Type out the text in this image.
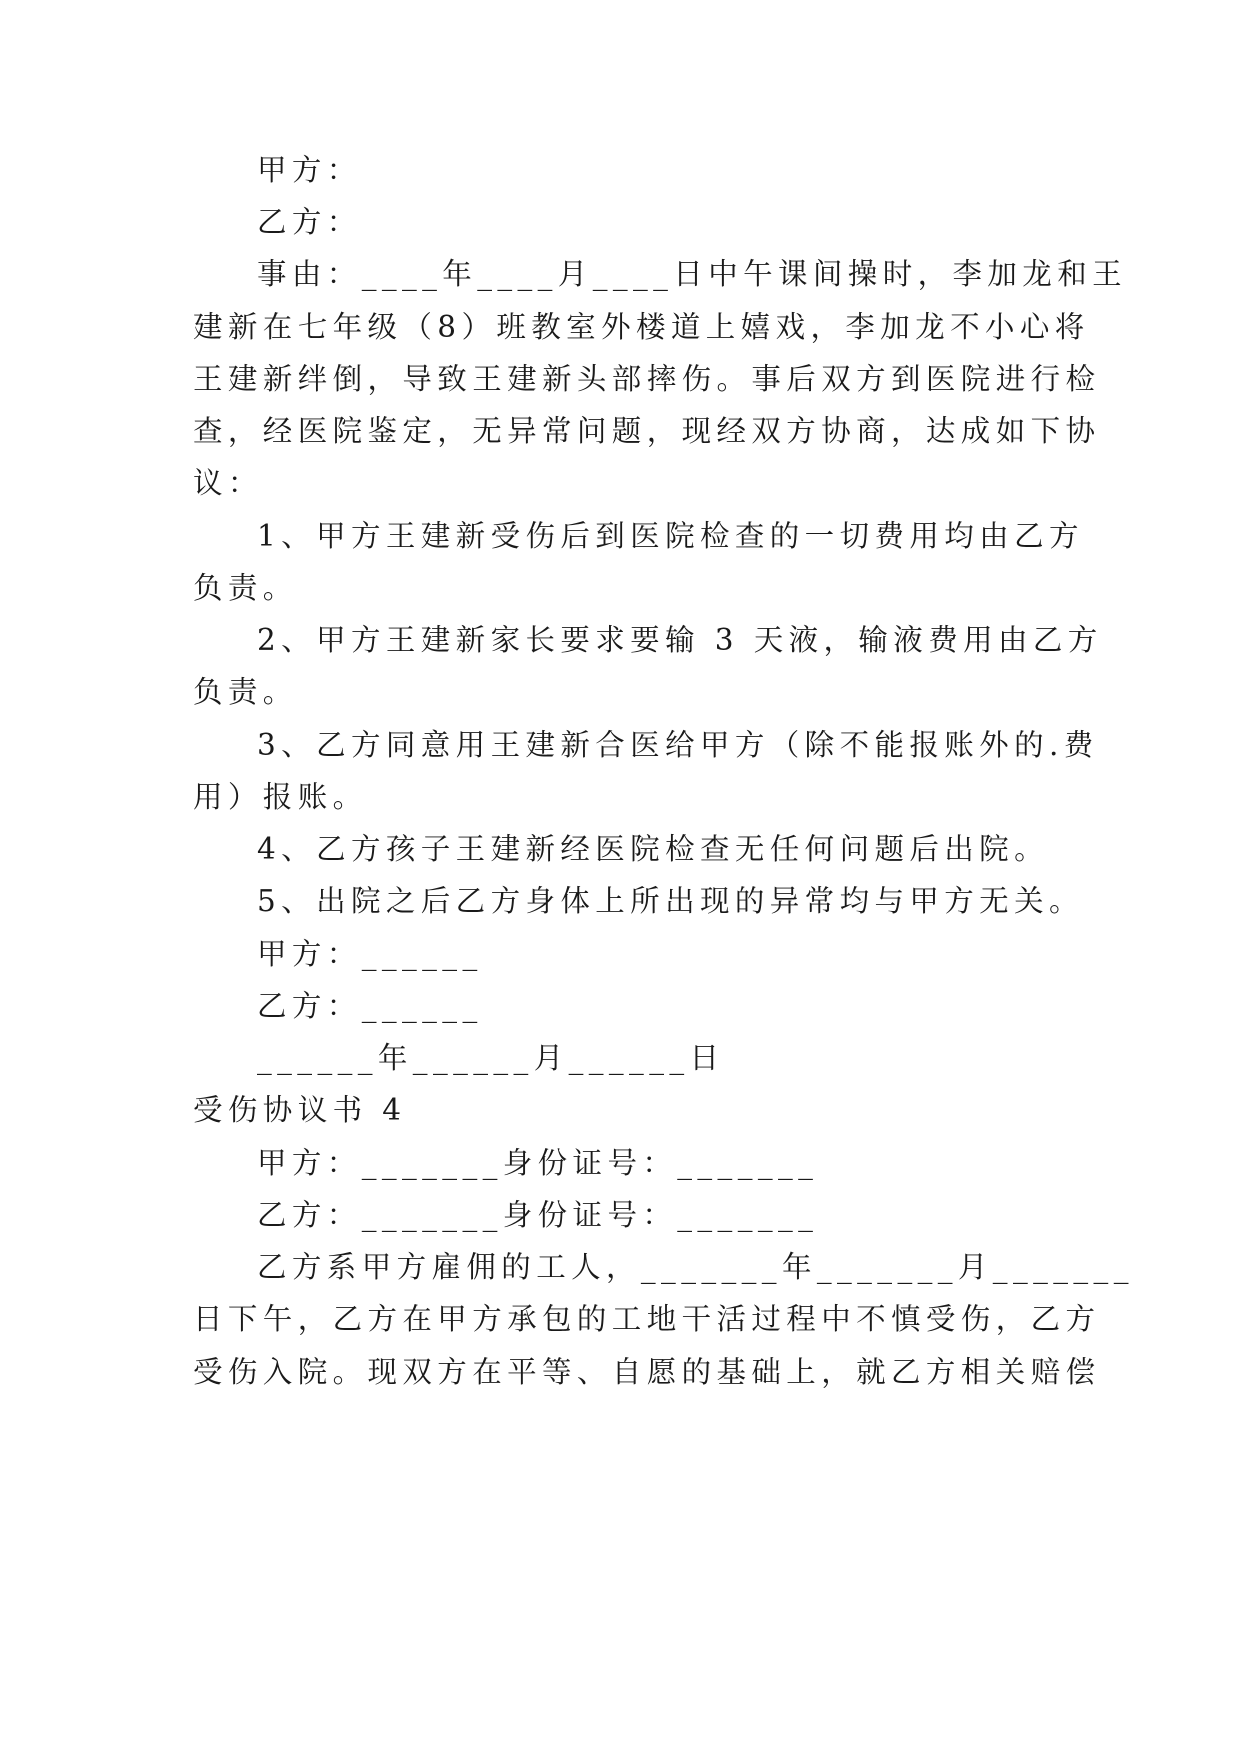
甲方：
乙方：
事由：____年____月____日中午课间操时，李加龙和王
建新在七年级（8）班教室外楼道上嬉戏，李加龙不小心将
王建新绊倒，导致王建新头部摔伤。事后双方到医院进行检
查，经医院鉴定，无异常问题，现经双方协商，达成如下协
议：
1、甲方王建新受伤后到医院检查的一切费用均由乙方
负责。
2、甲方王建新家长要求要输 3 天液，输液费用由乙方
负责。
3、乙方同意用王建新合医给甲方（除不能报账外的.费
用）报账。
4、乙方孩子王建新经医院检查无任何问题后出院。
5、出院之后乙方身体上所出现的异常均与甲方无关。
甲方：______
乙方：______
______年______月______日
受伤协议书 4
甲方：_______身份证号：_______
乙方：_______身份证号：_______
乙方系甲方雇佣的工人，_______年_______月_______
日下午，乙方在甲方承包的工地干活过程中不慎受伤，乙方
受伤入院。现双方在平等、自愿的基础上，就乙方相关赔偿
